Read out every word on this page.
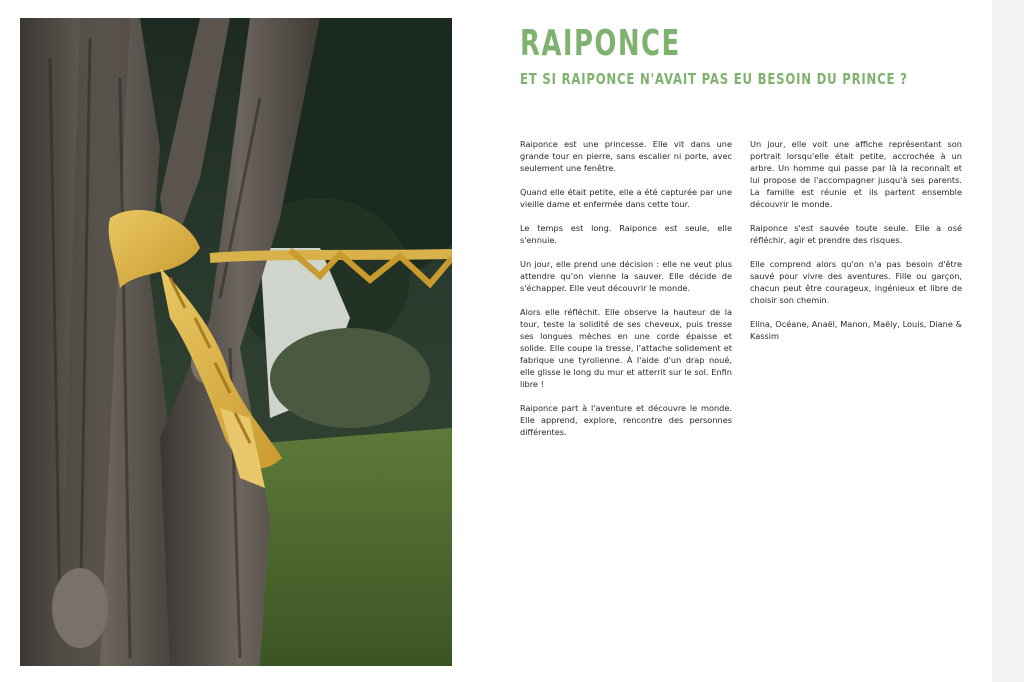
RAIPONCE
ET SI RAIPONCE N'AVAIT PAS EU BESOIN DU PRINCE ?

Raiponce est une princesse. Elle vit dans une grande tour en pierre, sans escalier ni porte, avec seulement une fenêtre.

Quand elle était petite, elle a été capturée par une vieille dame et enfermée dans cette tour.

Le temps est long. Raiponce est seule, elle s'ennuie.

Un jour, elle prend une décision : elle ne veut plus attendre qu'on vienne la sauver. Elle décide de s'échapper. Elle veut découvrir le monde.

Alors elle réfléchit. Elle observe la hauteur de la tour, teste la solidité de ses cheveux, puis tresse ses longues mèches en une corde épaisse et solide. Elle coupe la tresse, l'attache solidement et fabrique une tyrolienne. À l'aide d'un drap noué, elle glisse le long du mur et atterrit sur le sol. Enfin libre !

Raiponce part à l'aventure et découvre le monde. Elle apprend, explore, rencontre des personnes différentes.

Un jour, elle voit une affiche représentant son portrait lorsqu'elle était petite, accrochée à un arbre. Un homme qui passe par là la reconnaît et lui propose de l'accompagner jusqu'à ses parents. La famille est réunie et ils partent ensemble découvrir le monde.

Raiponce s'est sauvée toute seule. Elle a osé réfléchir, agir et prendre des risques.

Elle comprend alors qu'on n'a pas besoin d'être sauvé pour vivre des aventures. Fille ou garçon, chacun peut être courageux, ingénieux et libre de choisir son chemin.

Elina, Océane, Anaël, Manon, Maëly, Louis, Diane & Kassim
